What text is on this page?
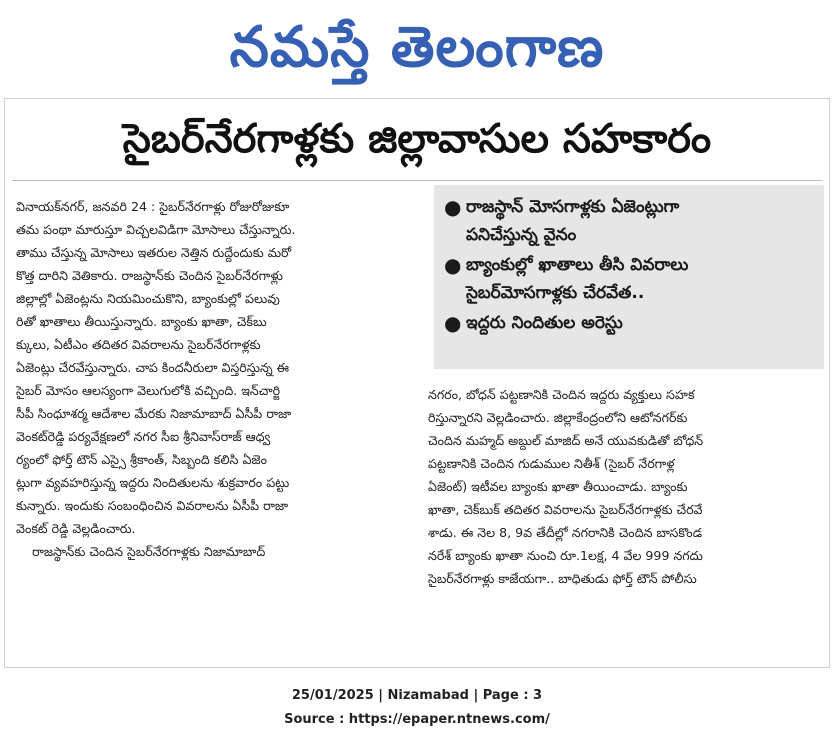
నమస్తే తెలంగాణ
సైబర్‌నేరగాళ్లకు జిల్లావాసుల సహకారం

వినాయక్‌నగర్, జనవరి 24 : సైబర్‌నేరగాళ్లు రోజురోజుకూ

తమ పంథా మారుస్తూ విచ్చలవిడిగా మోసాలు చేస్తున్నారు.

తాము చేస్తున్న మోసాలు ఇతరుల నెత్తిన రుద్దేందుకు మరో

కొత్త దారిని వెతికారు. రాజస్థాన్‌కు చెందిన సైబర్‌నేరగాళ్లు

జిల్లాల్లో ఏజెంట్లను నియమించుకొని, బ్యాంకుల్లో పలువు

రితో ఖాతాలు తీయిస్తున్నారు. బ్యాంకు ఖాతా, చెక్‌బు

క్కులు, ఏటీఎం తదితర వివరాలను సైబర్‌నేరగాళ్లకు

ఏజెంట్లు చేరవేస్తున్నారు. చాప కిందనీరులా విస్తరిస్తున్న ఈ

సైబర్ మోసం ఆలస్యంగా వెలుగులోకి వచ్చింది. ఇన్‌చార్జి

సీపీ సింధూశర్మ ఆదేశాల మేరకు నిజామాబాద్ ఏసీపీ రాజా

వెంకట్‌రెడ్డి పర్యవేక్షణలో నగర సీఐ శ్రీనివాస్‌రాజ్ ఆధ్వ

ర్యంలో ఫోర్త్ టౌన్ ఎస్సై శ్రీకాంత్, సిబ్బంది కలిసి ఏజెం

ట్లుగా వ్యవహరిస్తున్న ఇద్దరు నిందితులను శుక్రవారం పట్టు

కున్నారు. ఇందుకు సంబంధించిన వివరాలను ఏసీపీ రాజా

వెంకట్ రెడ్డి వెల్లడించారు.

రాజస్థాన్‌కు చెందిన సైబర్‌నేరగాళ్లకు నిజామాబాద్

● రాజస్థాన్ మోసగాళ్లకు ఏజెంట్లుగా
పనిచేస్తున్న వైనం
● బ్యాంకుల్లో ఖాతాలు తీసి వివరాలు
సైబర్‌మోసగాళ్లకు చేరవేత..
● ఇద్దరు నిందితుల అరెస్టు

నగరం, బోధన్ పట్టణానికి చెందిన ఇద్దరు వ్యక్తులు సహక

రిస్తున్నారని వెల్లడించారు. జిల్లాకేంద్రంలోని ఆటోనగర్‌కు

చెందిన మహ్మద్ అబ్దుల్ మాజిద్ అనే యువకుడితో బోధన్

పట్టణానికి చెందిన గుడుముల నితీశ్ (సైబర్ నేరగాళ్ల

ఏజెంట్) ఇటీవల బ్యాంకు ఖాతా తీయించాడు. బ్యాంకు

ఖాతా, చెక్‌బుక్ తదితర వివరాలను సైబర్‌నేరగాళ్లకు చేరవే

శాడు. ఈ నెల 8, 9వ తేదీల్లో నగరానికి చెందిన బాసకొండ

నరేశ్ బ్యాంకు ఖాతా నుంచి రూ.1లక్ష, 4 వేల 999 నగదు

సైబర్‌నేరగాళ్లు కాజేయగా.. బాధితుడు ఫోర్త్ టౌన్ పోలీసు

25/01/2025 | Nizamabad | Page : 3
Source : https://epaper.ntnews.com/
